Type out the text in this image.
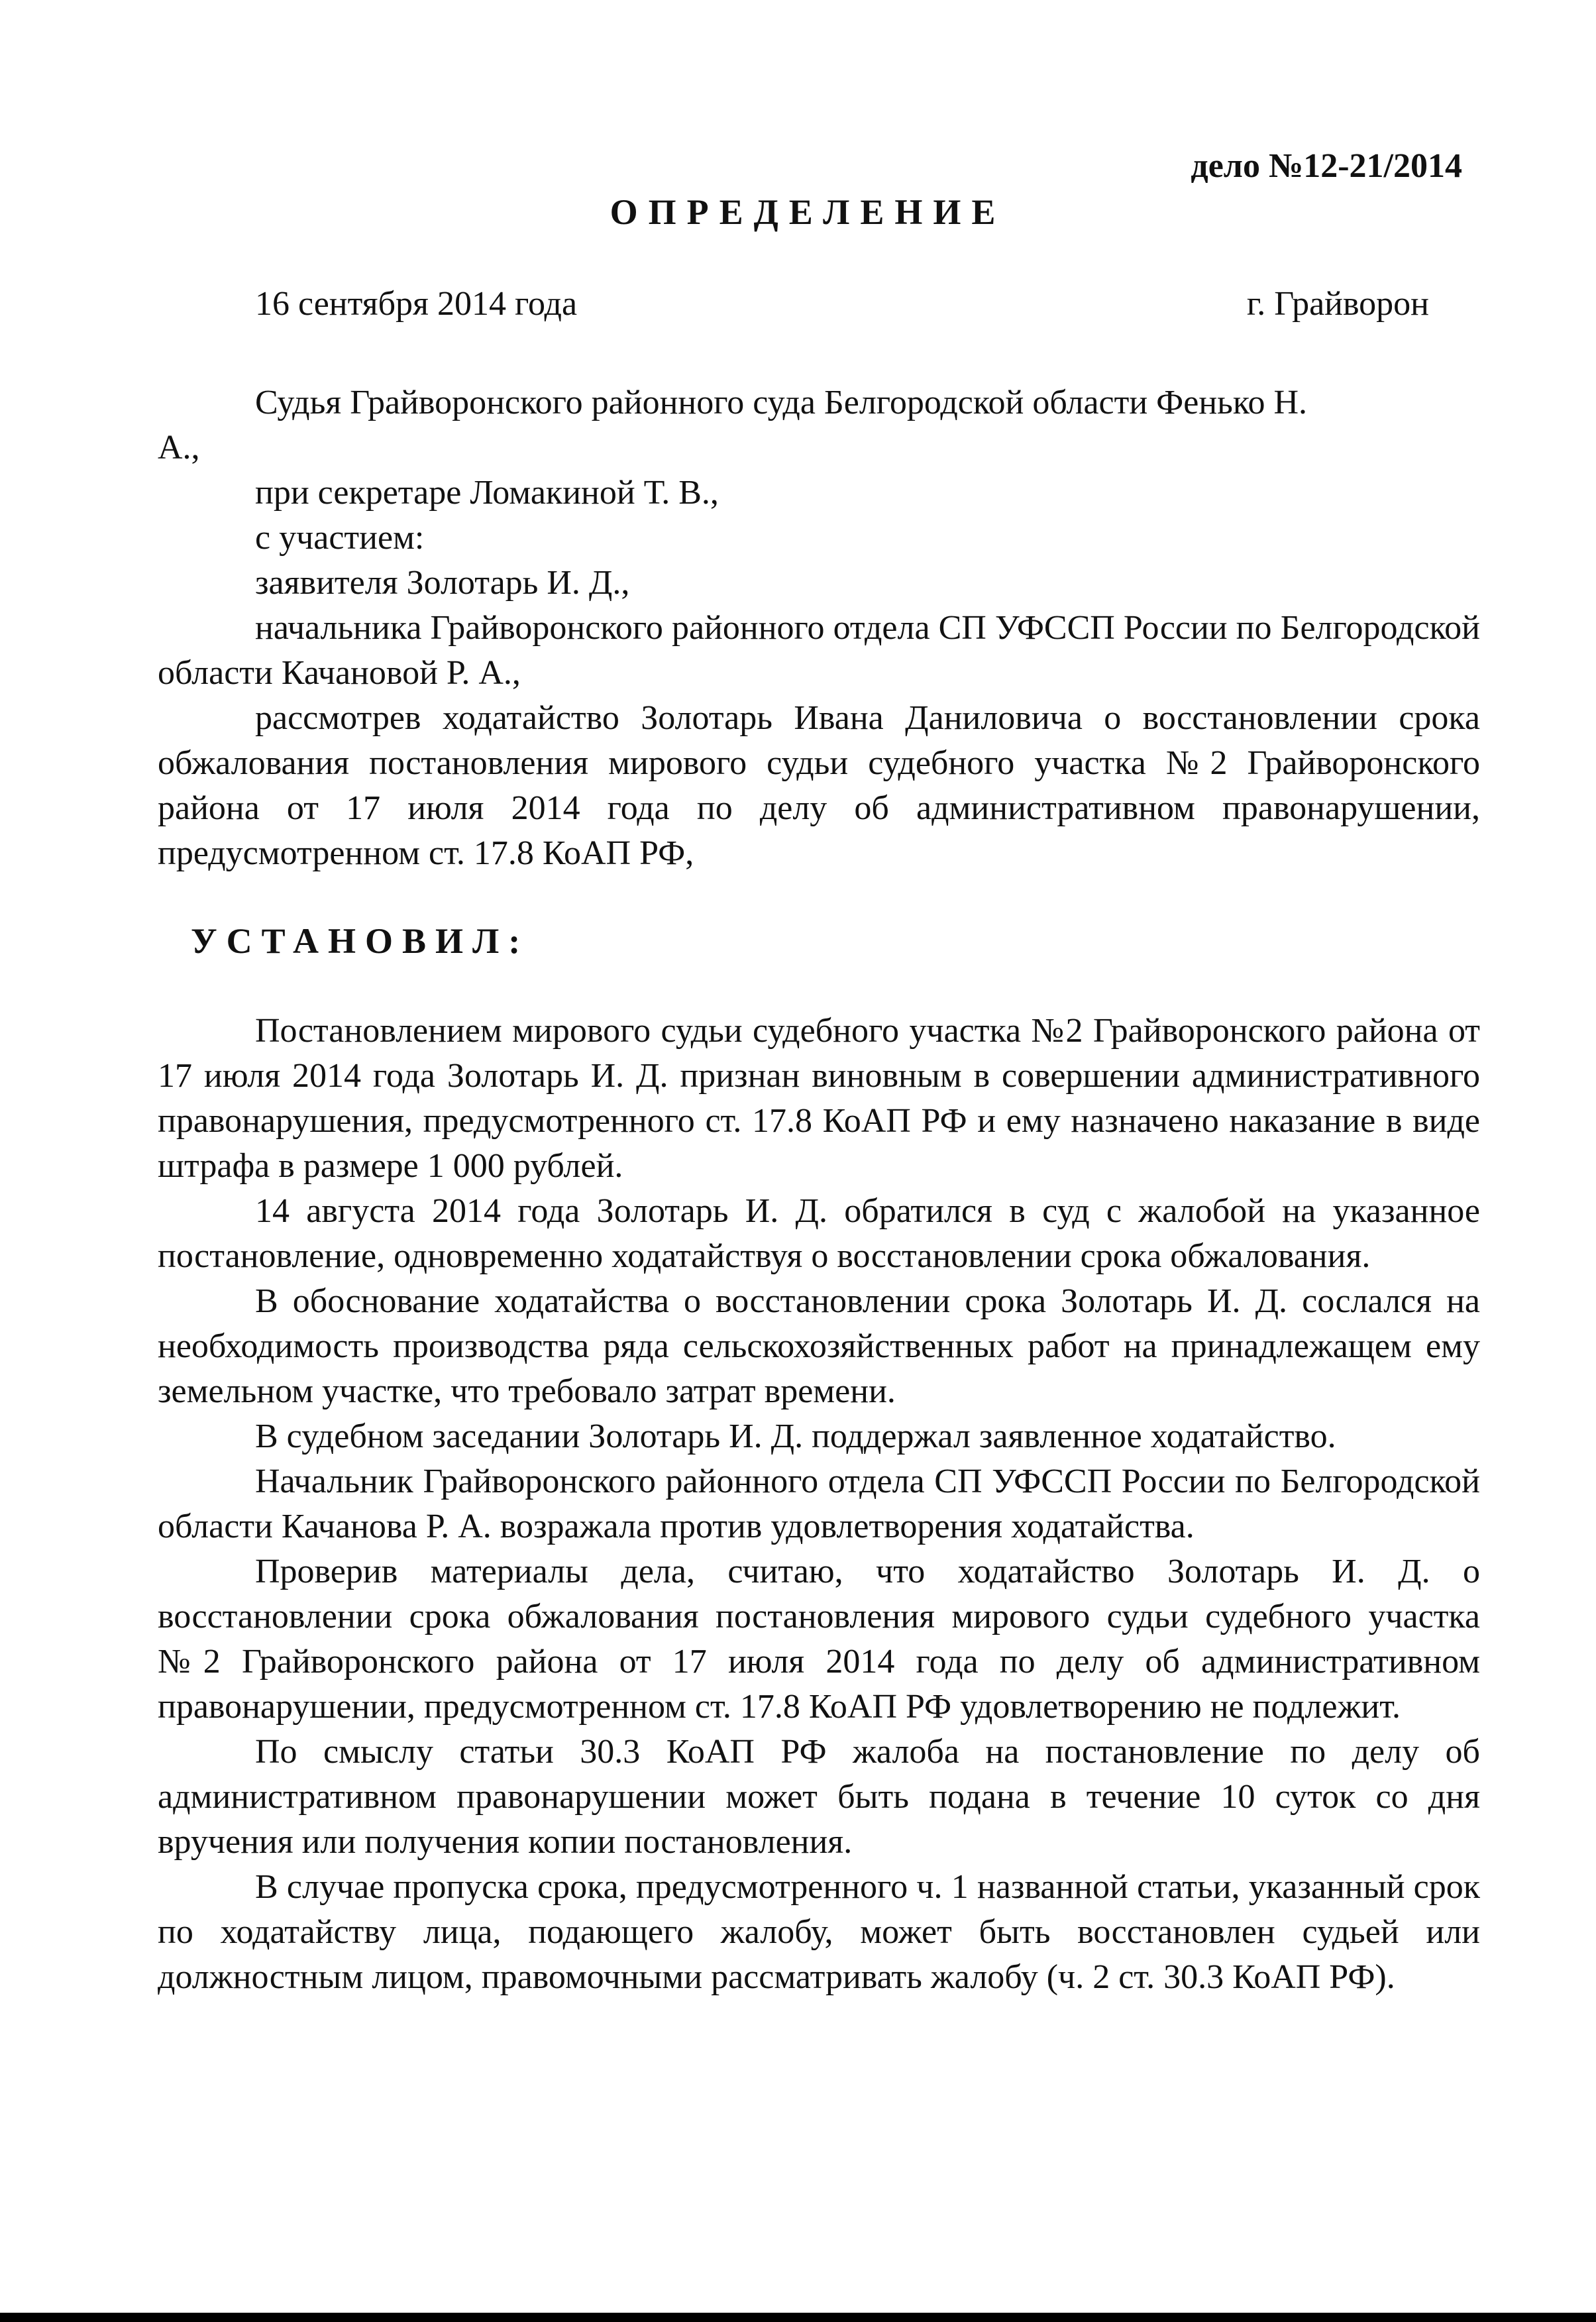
дело №12-21/2014
ОПРЕДЕЛЕНИЕ
16 сентября 2014 года	г. Грайворон

Судья Грайворонского районного суда Белгородской области Фенько Н.

А.,

при секретаре Ломакиной Т. В.,

с участием:

заявителя Золотарь И. Д.,

начальника Грайворонского районного отдела СП УФССП России по Белгородской области Качановой Р. А.,

рассмотрев ходатайство Золотарь Ивана Даниловича о восстановлении срока обжалования постановления мирового судьи судебного участка №2 Грайворонского района от 17 июля 2014 года по делу об административном правонарушении, предусмотренном ст. 17.8 КоАП РФ,

УСТАНОВИЛ:

Постановлением мирового судьи судебного участка №2 Грайворонского района от 17 июля 2014 года Золотарь И. Д. признан виновным в совершении административного правонарушения, предусмотренного ст. 17.8 КоАП РФ и ему назначено наказание в виде штрафа в размере 1 000 рублей.

14 августа 2014 года Золотарь И. Д. обратился в суд с жалобой на указанное постановление, одновременно ходатайствуя о восстановлении срока обжалования.

В обоснование ходатайства о восстановлении срока Золотарь И. Д. сослался на необходимость производства ряда сельскохозяйственных работ на принадлежащем ему земельном участке, что требовало затрат времени.

В судебном заседании Золотарь И. Д. поддержал заявленное ходатайство.

Начальник Грайворонского районного отдела СП УФССП России по Белгородской области Качанова Р. А. возражала против удовлетворения ходатайства.

Проверив материалы дела, считаю, что ходатайство Золотарь И. Д. о восстановлении срока обжалования постановления мирового судьи судебного участка №2 Грайворонского района от 17 июля 2014 года по делу об административном правонарушении, предусмотренном ст. 17.8 КоАП РФ удовлетворению не подлежит.

По смыслу статьи 30.3 КоАП РФ жалоба на постановление по делу об административном правонарушении может быть подана в течение 10 суток со дня вручения или получения копии постановления.

В случае пропуска срока, предусмотренного ч. 1 названной статьи, указанный срок по ходатайству лица, подающего жалобу, может быть восстановлен судьей или должностным лицом, правомочными рассматривать жалобу (ч. 2 ст. 30.3 КоАП РФ).
